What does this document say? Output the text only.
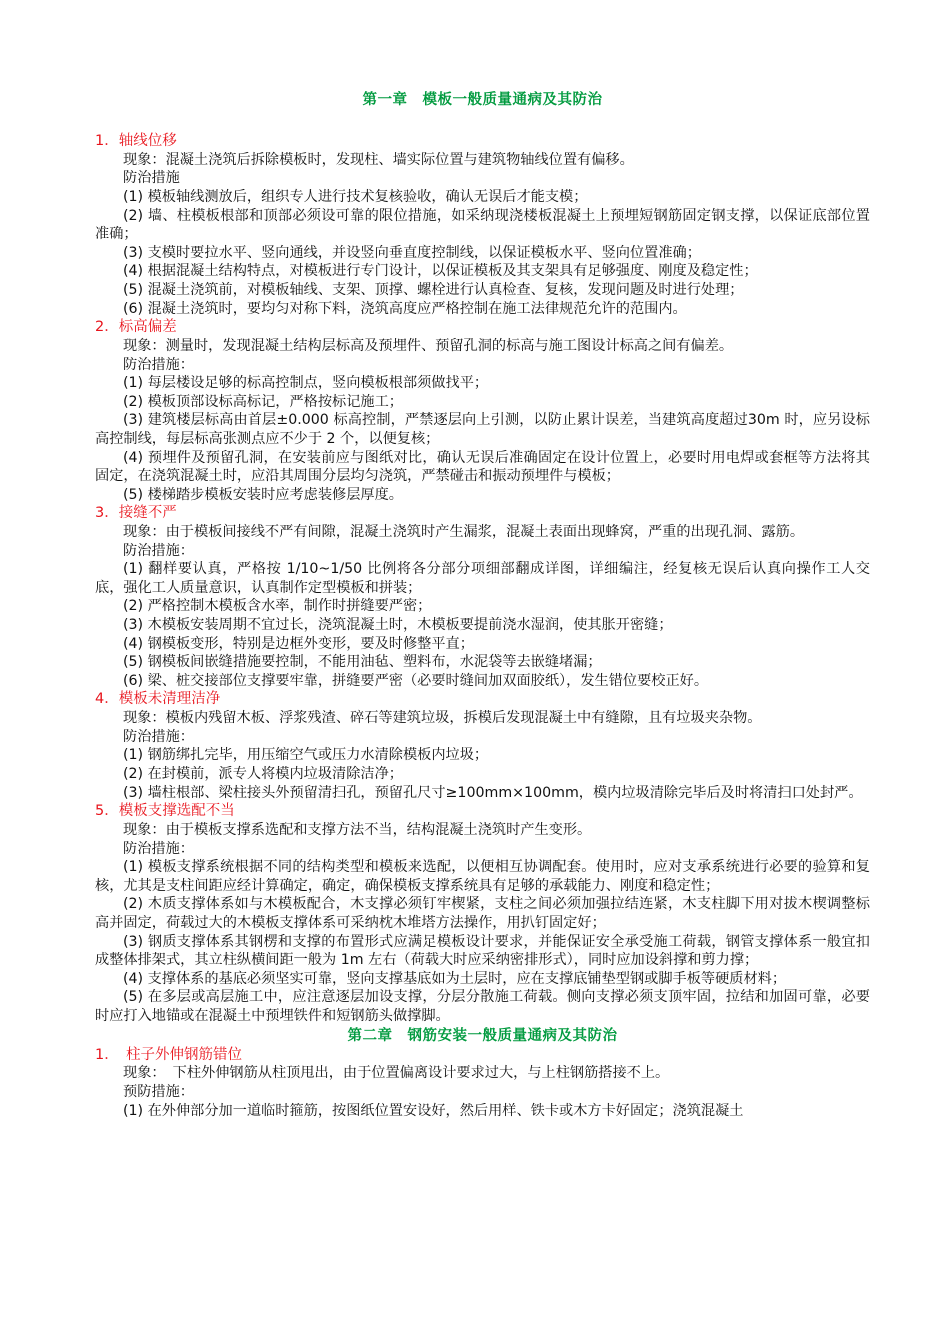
第一章　模板一般质量通病及其防治
1．轴线位移
现象：混凝土浇筑后拆除模板时，发现柱、墙实际位置与建筑物轴线位置有偏移。
防治措施
(1) 模板轴线测放后，组织专人进行技术复核验收，确认无误后才能支模；
(2) 墙、柱模板根部和顶部必须设可靠的限位措施，如采纳现浇楼板混凝土上预埋短钢筋固定钢支撑，以保证底部位置准确；
(3) 支模时要拉水平、竖向通线，并设竖向垂直度控制线，以保证模板水平、竖向位置准确；
(4) 根据混凝土结构特点，对模板进行专门设计，以保证模板及其支架具有足够强度、刚度及稳定性；
(5) 混凝土浇筑前，对模板轴线、支架、顶撑、螺栓进行认真检查、复核，发现问题及时进行处理；
(6) 混凝土浇筑时，要均匀对称下料，浇筑高度应严格控制在施工法律规范允许的范围内。
2．标高偏差
现象：测量时，发现混凝土结构层标高及预埋件、预留孔洞的标高与施工图设计标高之间有偏差。
防治措施：
(1) 每层楼设足够的标高控制点，竖向模板根部须做找平；
(2) 模板顶部设标高标记，严格按标记施工；
(3) 建筑楼层标高由首层±0.000 标高控制，严禁逐层向上引测，以防止累计误差，当建筑高度超过30m 时，应另设标高控制线，每层标高张测点应不少于 2 个，以便复核；
(4) 预埋件及预留孔洞，在安装前应与图纸对比，确认无误后准确固定在设计位置上，必要时用电焊或套框等方法将其固定，在浇筑混凝土时，应沿其周围分层均匀浇筑，严禁碰击和振动预埋件与模板；
(5) 楼梯踏步模板安装时应考虑装修层厚度。
3．接缝不严
现象：由于模板间接线不严有间隙，混凝土浇筑时产生漏浆，混凝土表面出现蜂窝，严重的出现孔洞、露筋。
防治措施：
(1) 翻样要认真，严格按 1/10~1/50 比例将各分部分项细部翻成详图，详细编注，经复核无误后认真向操作工人交底，强化工人质量意识，认真制作定型模板和拼装；
(2) 严格控制木模板含水率，制作时拼缝要严密；
(3) 木模板安装周期不宜过长，浇筑混凝土时，木模板要提前浇水湿润，使其胀开密缝；
(4) 钢模板变形，特别是边框外变形，要及时修整平直；
(5) 钢模板间嵌缝措施要控制，不能用油毡、塑料布，水泥袋等去嵌缝堵漏；
(6) 梁、桩交接部位支撑要牢靠，拼缝要严密（必要时缝间加双面胶纸），发生错位要校正好。
4．模板未清理洁净
现象：模板内残留木板、浮浆残渣、碎石等建筑垃圾，拆模后发现混凝土中有缝隙，且有垃圾夹杂物。
防治措施：
(1) 钢筋绑扎完毕，用压缩空气或压力水清除模板内垃圾；
(2) 在封模前，派专人将模内垃圾清除洁净；
(3) 墙柱根部、梁柱接头外预留清扫孔，预留孔尺寸≥100mm×100mm，模内垃圾清除完毕后及时将清扫口处封严。
5．模板支撑选配不当
现象：由于模板支撑系选配和支撑方法不当，结构混凝土浇筑时产生变形。
防治措施：
(1) 模板支撑系统根据不同的结构类型和模板来选配，以便相互协调配套。使用时，应对支承系统进行必要的验算和复核，尤其是支柱间距应经计算确定，确定，确保模板支撑系统具有足够的承载能力、刚度和稳定性；
(2) 木质支撑体系如与木模板配合，木支撑必须钉牢楔紧，支柱之间必须加强拉结连紧，木支柱脚下用对拔木楔调整标高并固定，荷载过大的木模板支撑体系可采纳枕木堆塔方法操作，用扒钉固定好；
(3) 钢质支撑体系其钢楞和支撑的布置形式应满足模板设计要求，并能保证安全承受施工荷载，钢管支撑体系一般宜扣成整体排架式，其立柱纵横间距一般为 1m 左右（荷载大时应采纳密排形式），同时应加设斜撑和剪力撑；
(4) 支撑体系的基底必须坚实可靠，竖向支撑基底如为土层时，应在支撑底铺垫型钢或脚手板等硬质材料；
(5) 在多层或高层施工中，应注意逐层加设支撑，分层分散施工荷载。侧向支撑必须支顶牢固，拉结和加固可靠，必要时应打入地锚或在混凝土中预埋铁件和短钢筋头做撑脚。
第二章　钢筋安装一般质量通病及其防治
1．　柱子外伸钢筋错位
现象：　下柱外伸钢筋从柱顶甩出，由于位置偏离设计要求过大，与上柱钢筋搭接不上。
预防措施：
(1) 在外伸部分加一道临时箍筋，按图纸位置安设好，然后用样、铁卡或木方卡好固定；浇筑混凝土
